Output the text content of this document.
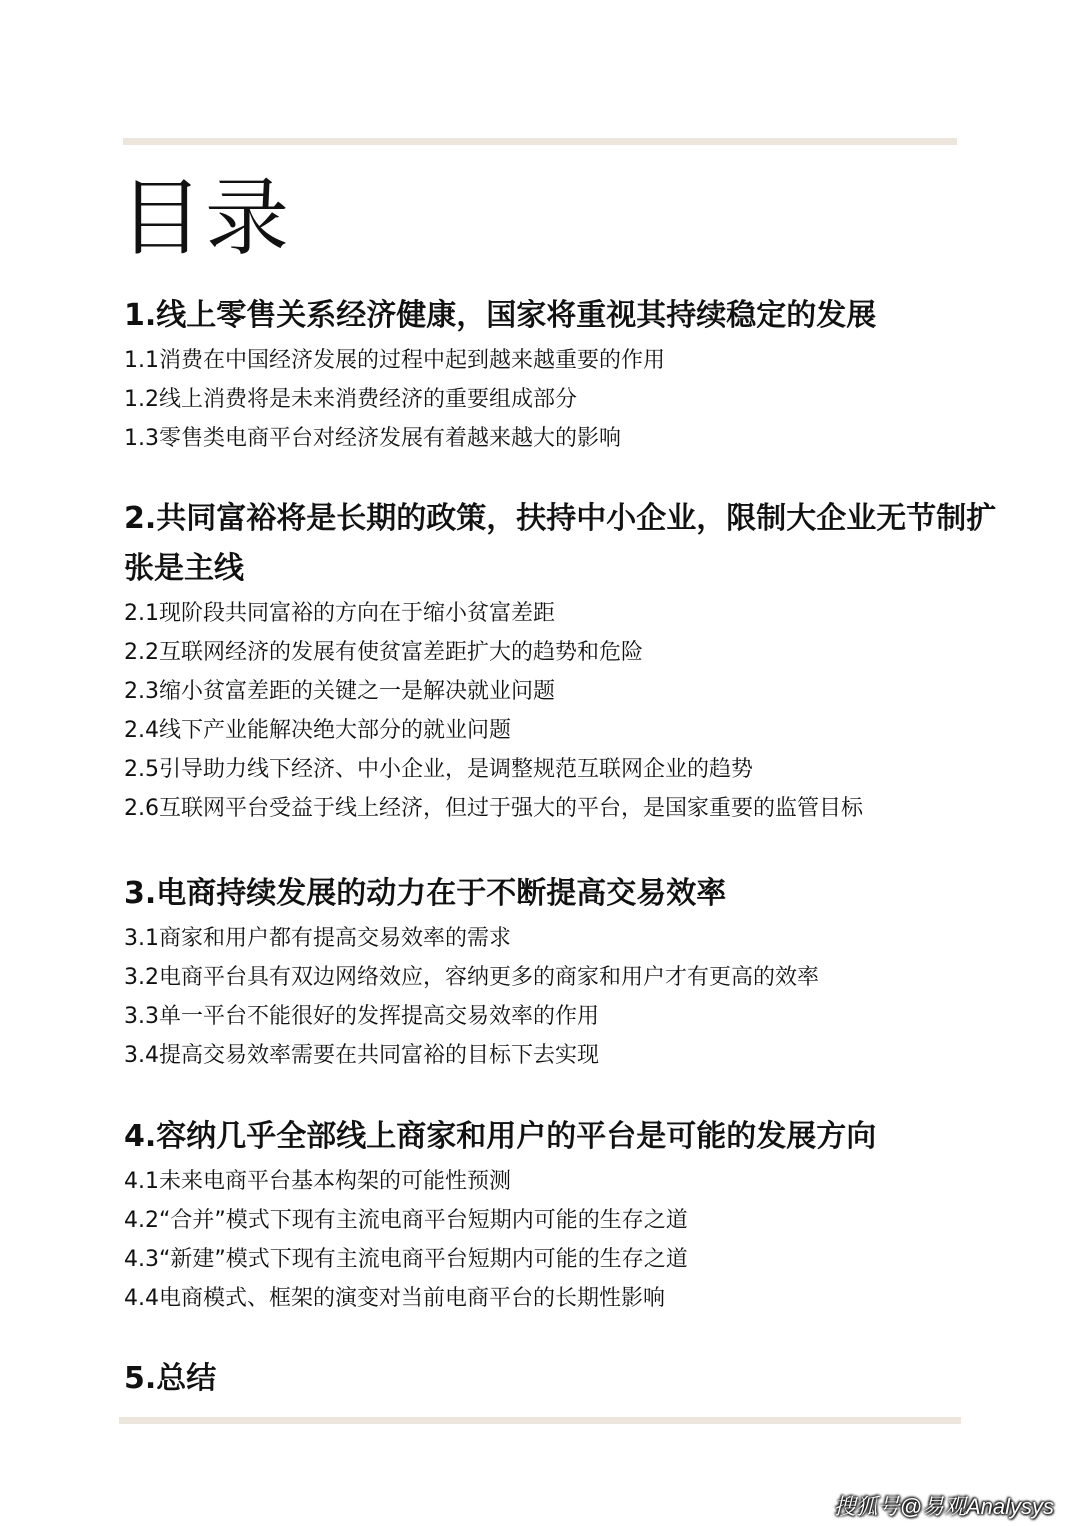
目录
1.线上零售关系经济健康，国家将重视其持续稳定的发展
1.1消费在中国经济发展的过程中起到越来越重要的作用
1.2线上消费将是未来消费经济的重要组成部分
1.3零售类电商平台对经济发展有着越来越大的影响
2.共同富裕将是长期的政策，扶持中小企业，限制大企业无节制扩张是主线
2.1现阶段共同富裕的方向在于缩小贫富差距
2.2互联网经济的发展有使贫富差距扩大的趋势和危险
2.3缩小贫富差距的关键之一是解决就业问题
2.4线下产业能解决绝大部分的就业问题
2.5引导助力线下经济、中小企业，是调整规范互联网企业的趋势
2.6互联网平台受益于线上经济，但过于强大的平台，是国家重要的监管目标
3.电商持续发展的动力在于不断提高交易效率
3.1商家和用户都有提高交易效率的需求
3.2电商平台具有双边网络效应，容纳更多的商家和用户才有更高的效率
3.3单一平台不能很好的发挥提高交易效率的作用
3.4提高交易效率需要在共同富裕的目标下去实现
4.容纳几乎全部线上商家和用户的平台是可能的发展方向
4.1未来电商平台基本构架的可能性预测
4.2“合并”模式下现有主流电商平台短期内可能的生存之道
4.3“新建”模式下现有主流电商平台短期内可能的生存之道
4.4电商模式、框架的演变对当前电商平台的长期性影响
5.总结
搜狐号@易观Analysys
